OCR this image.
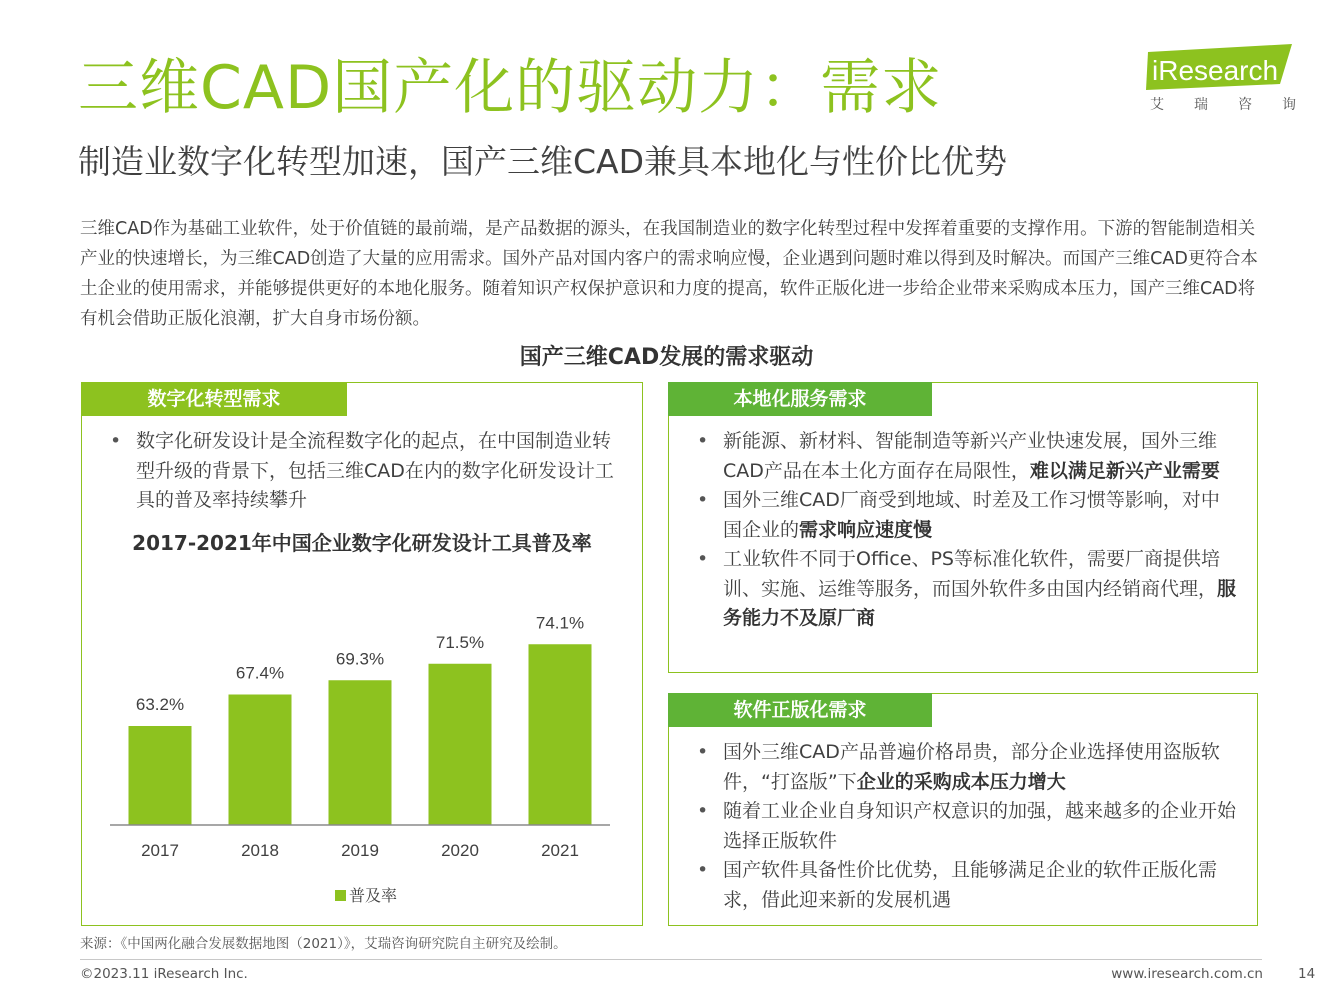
三维CAD国产化的驱动力：需求
制造业数字化转型加速，国产三维CAD兼具本地化与性价比优势
iResearch
艾 瑞 咨 询

三维CAD作为基础工业软件，处于价值链的最前端，是产品数据的源头，在我国制造业的数字化转型过程中发挥着重要的支撑作用。下游的智能制造相关产业的快速增长，为三维CAD创造了大量的应用需求。国外产品对国内客户的需求响应慢，企业遇到问题时难以得到及时解决。而国产三维CAD更符合本土企业的使用需求，并能够提供更好的本地化服务。随着知识产权保护意识和力度的提高，软件正版化进一步给企业带来采购成本压力，国产三维CAD将有机会借助正版化浪潮，扩大自身市场份额。

国产三维CAD发展的需求驱动
数字化转型需求
• 数字化研发设计是全流程数字化的起点，在中国制造业转型升级的背景下，包括三维CAD在内的数字化研发设计工具的普及率持续攀升
2017-2021年中国企业数字化研发设计工具普及率
63.2%
2017
67.4%
2018
69.3%
2019
71.5%
2020
74.1%
2021
普及率
本地化服务需求
• 新能源、新材料、智能制造等新兴产业快速发展，国外三维CAD产品在本土化方面存在局限性，难以满足新兴产业需要
• 国外三维CAD厂商受到地域、时差及工作习惯等影响，对中国企业的需求响应速度慢
• 工业软件不同于Office、PS等标准化软件，需要厂商提供培训、实施、运维等服务，而国外软件多由国内经销商代理，服务能力不及原厂商
软件正版化需求
• 国外三维CAD产品普遍价格昂贵，部分企业选择使用盗版软件，“打盗版”下企业的采购成本压力增大
• 随着工业企业自身知识产权意识的加强，越来越多的企业开始选择正版软件
• 国产软件具备性价比优势，且能够满足企业的软件正版化需求，借此迎来新的发展机遇
来源：《中国两化融合发展数据地图（2021）》，艾瑞咨询研究院自主研究及绘制。
©2023.11 iResearch Inc.	www.iresearch.com.cn	14
